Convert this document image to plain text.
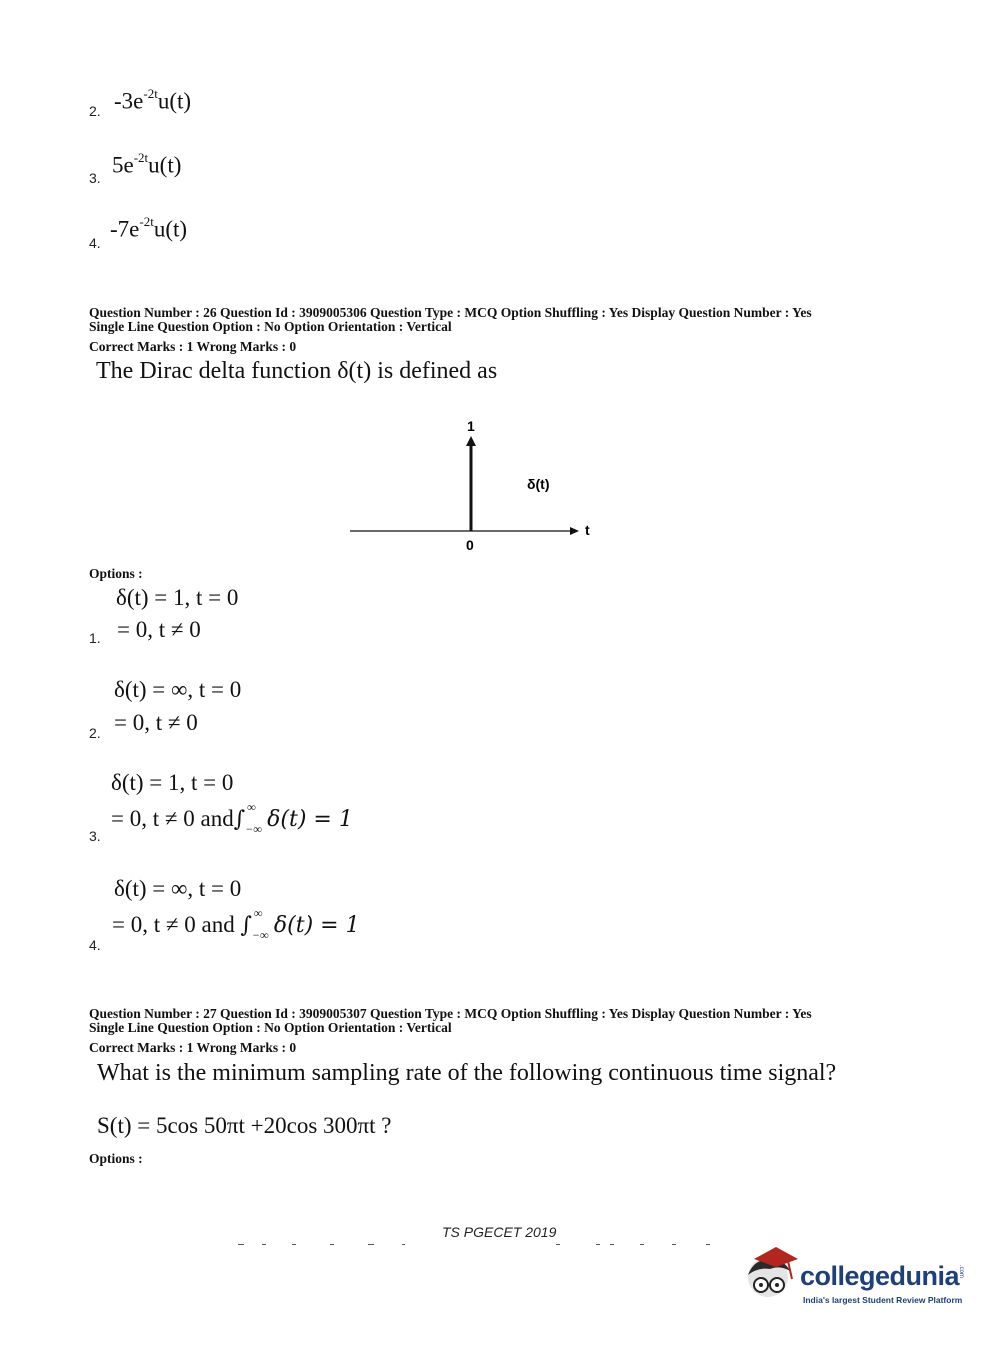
2. $-3e^{-2t}u(t)$
3.
$5e^{-2t}u(t)$
4.
$-7e^{-2t}u(t)$
Question Number : 26 Question Id : 3909005306 Question Type : MCQ Option Shuffling : Yes Display Question Number : Yes
Single Line Question Option : No Option Orientation : Vertical
Correct Marks : 1 Wrong Marks : 0
The Dirac delta function δ(t) is defined as
1
δ(t)
t
0
Options :
δ(t) = 1, t = 0
= 0, t ≠ 0
1.
δ(t) = ∞, t = 0
= 0, t ≠ 0
2.
δ(t) = 1, t = 0
= 0, t ≠ 0 and∫ ∞
−∞ δ(t) = 1
3.
δ(t) = ∞, t = 0
= 0, t ≠ 0 and ∫ ∞
−∞ δ(t) = 1
4.
Question Number : 27 Question Id : 3909005307 Question Type : MCQ Option Shuffling : Yes Display Question Number : Yes
Single Line Question Option : No Option Orientation : Vertical
Correct Marks : 1 Wrong Marks : 0
What is the minimum sampling rate of the following continuous time signal?
S(t) = 5cos 50πt +20cos 300πt ?
Options :
TS PGECET 2019
collegedunia
.com
India's largest Student Review Platform
